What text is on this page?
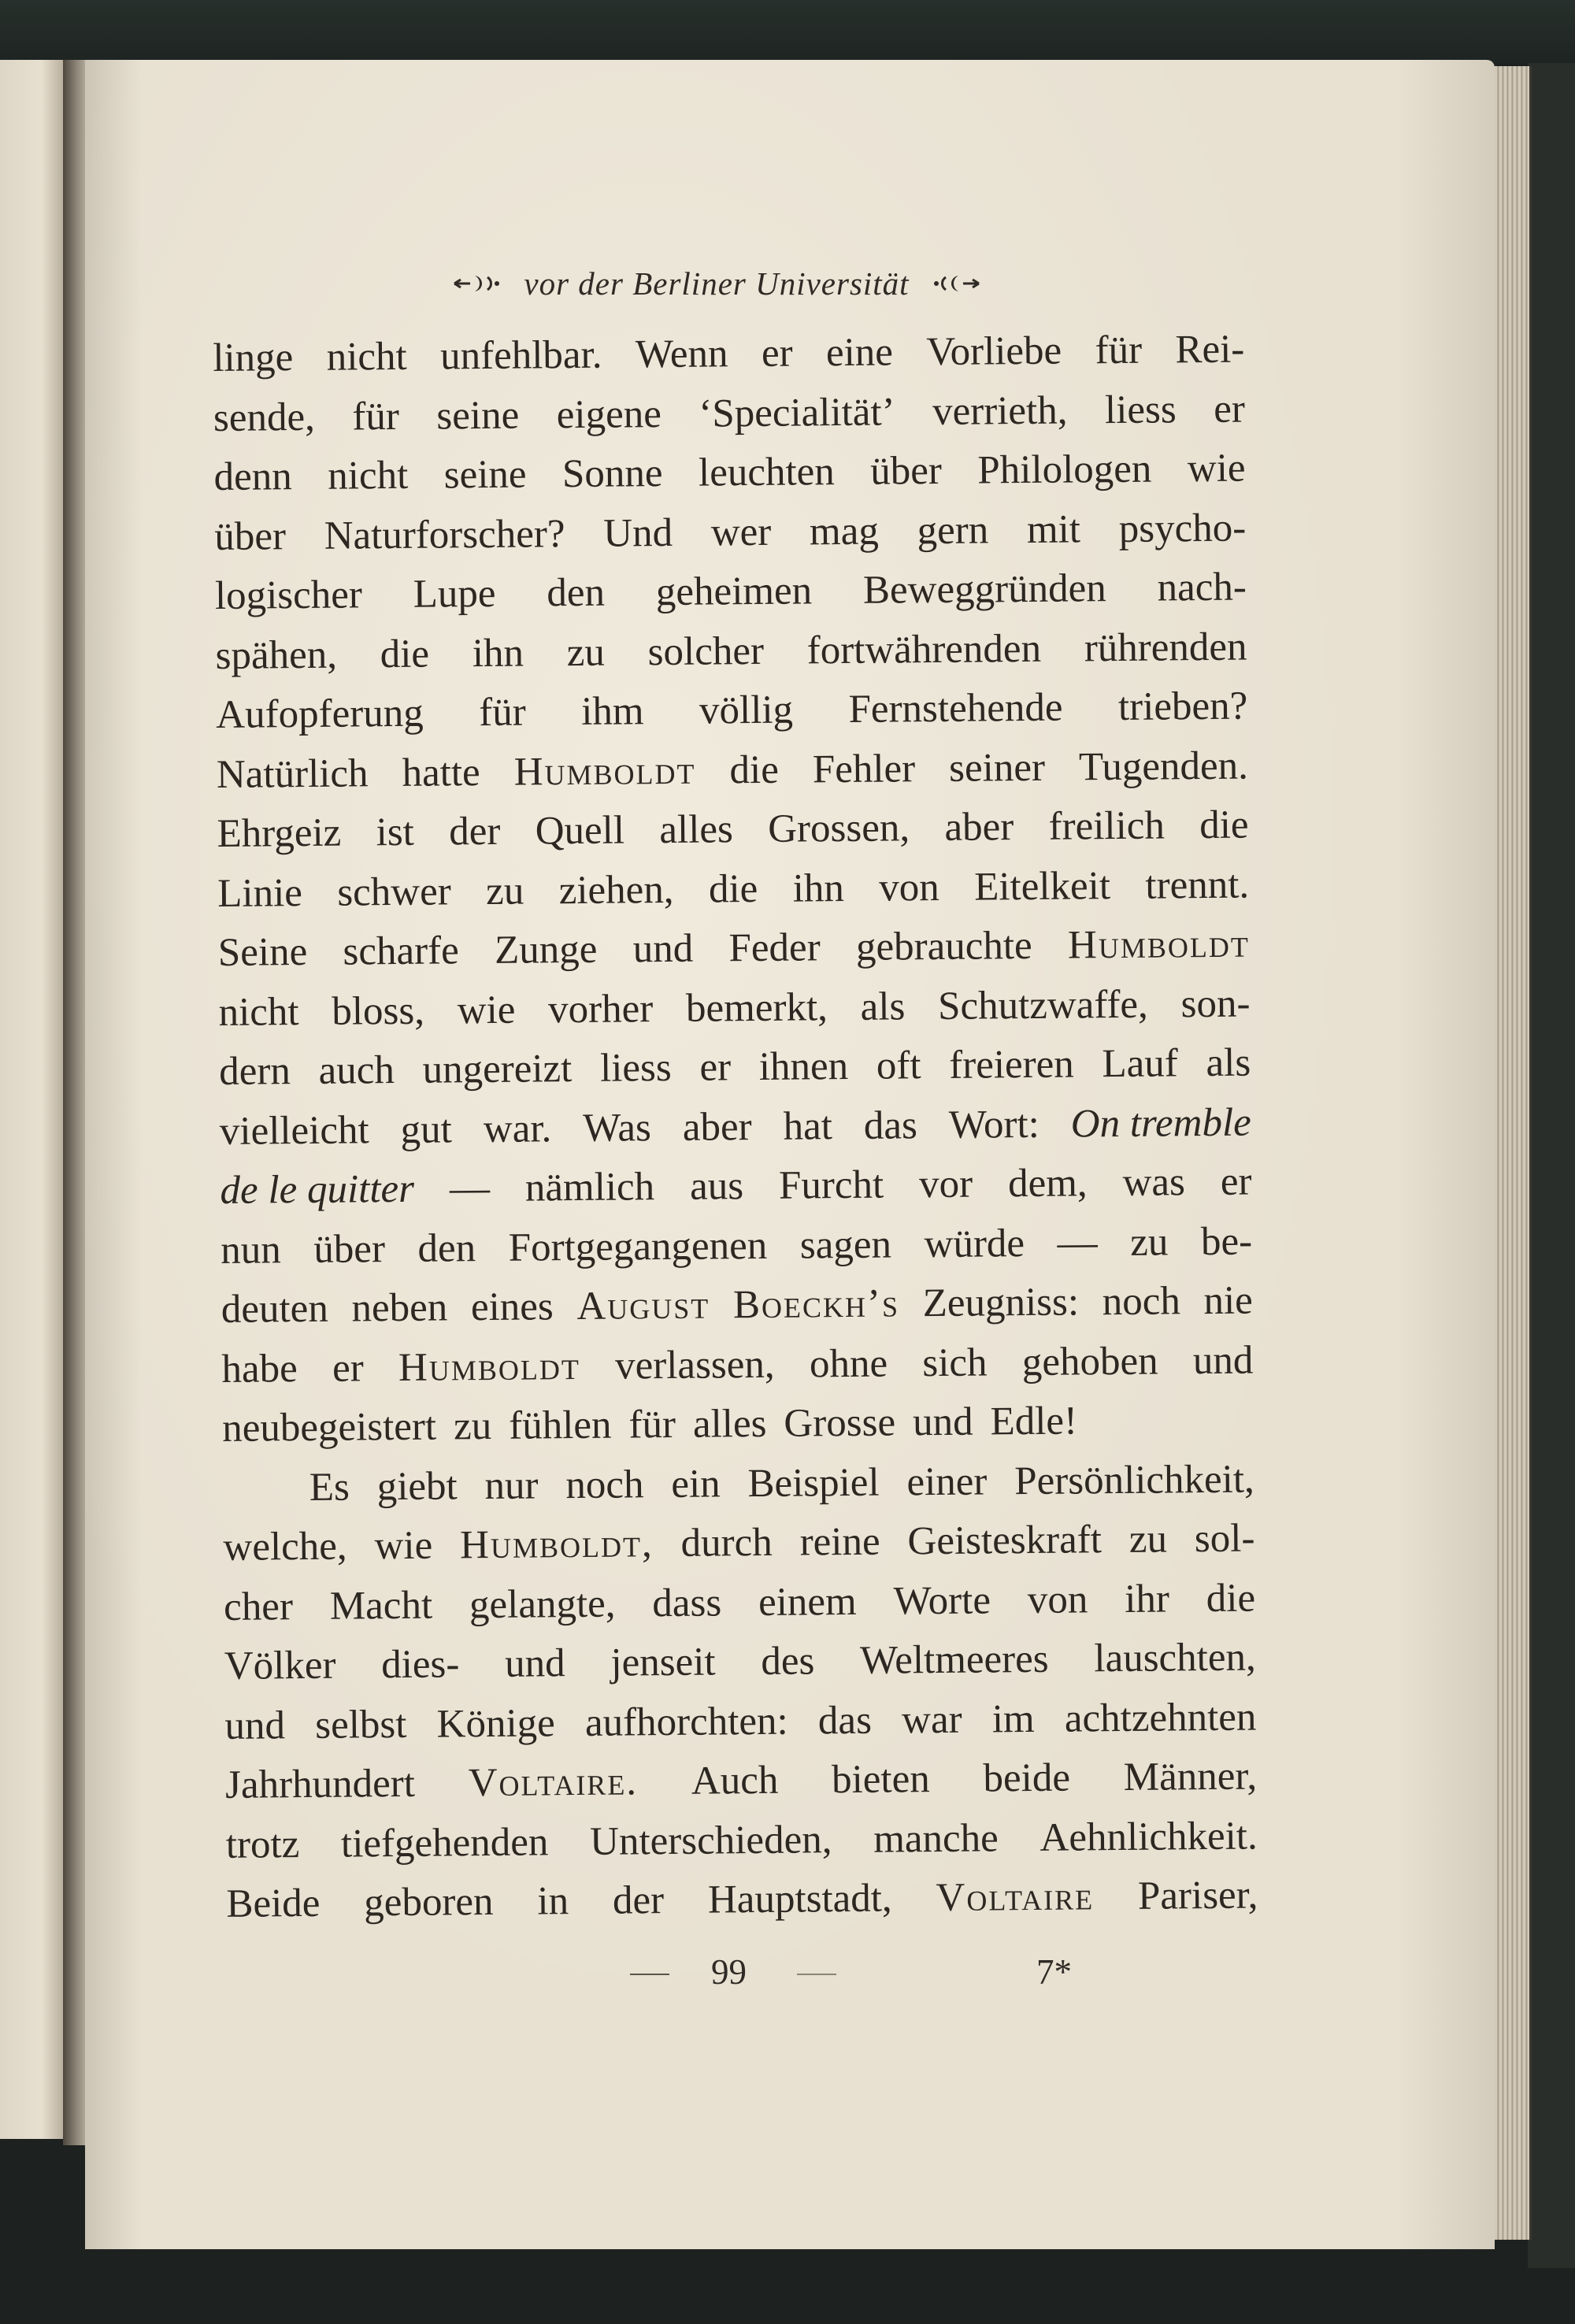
vor der Berliner Universität
linge nicht unfehlbar. Wenn er eine Vorliebe für Rei-
sende, für seine eigene ‘Specialität’ verrieth, liess er
denn nicht seine Sonne leuchten über Philologen wie
über Naturforscher? Und wer mag gern mit psycho-
logischer Lupe den geheimen Beweggründen nach-
spähen, die ihn zu solcher fortwährenden rührenden
Aufopferung für ihm völlig Fernstehende trieben?
Natürlich hatte Humboldt die Fehler seiner Tugenden.
Ehrgeiz ist der Quell alles Grossen, aber freilich die
Linie schwer zu ziehen, die ihn von Eitelkeit trennt.
Seine scharfe Zunge und Feder gebrauchte Humboldt
nicht bloss, wie vorher bemerkt, als Schutzwaffe, son-
dern auch ungereizt liess er ihnen oft freieren Lauf als
vielleicht gut war. Was aber hat das Wort: On tremble
de le quitter — nämlich aus Furcht vor dem, was er
nun über den Fortgegangenen sagen würde — zu be-
deuten neben eines August Boeckh’s Zeugniss: noch nie
habe er Humboldt verlassen, ohne sich gehoben und
neubegeistert zu fühlen für alles Grosse und Edle!
Es giebt nur noch ein Beispiel einer Persönlichkeit,
welche, wie Humboldt, durch reine Geisteskraft zu sol-
cher Macht gelangte, dass einem Worte von ihr die
Völker dies- und jenseit des Weltmeeres lauschten,
und selbst Könige aufhorchten: das war im achtzehnten
Jahrhundert Voltaire. Auch bieten beide Männer,
trotz tiefgehenden Unterschieden, manche Aehnlichkeit.
Beide geboren in der Hauptstadt, Voltaire Pariser,
99	7*
